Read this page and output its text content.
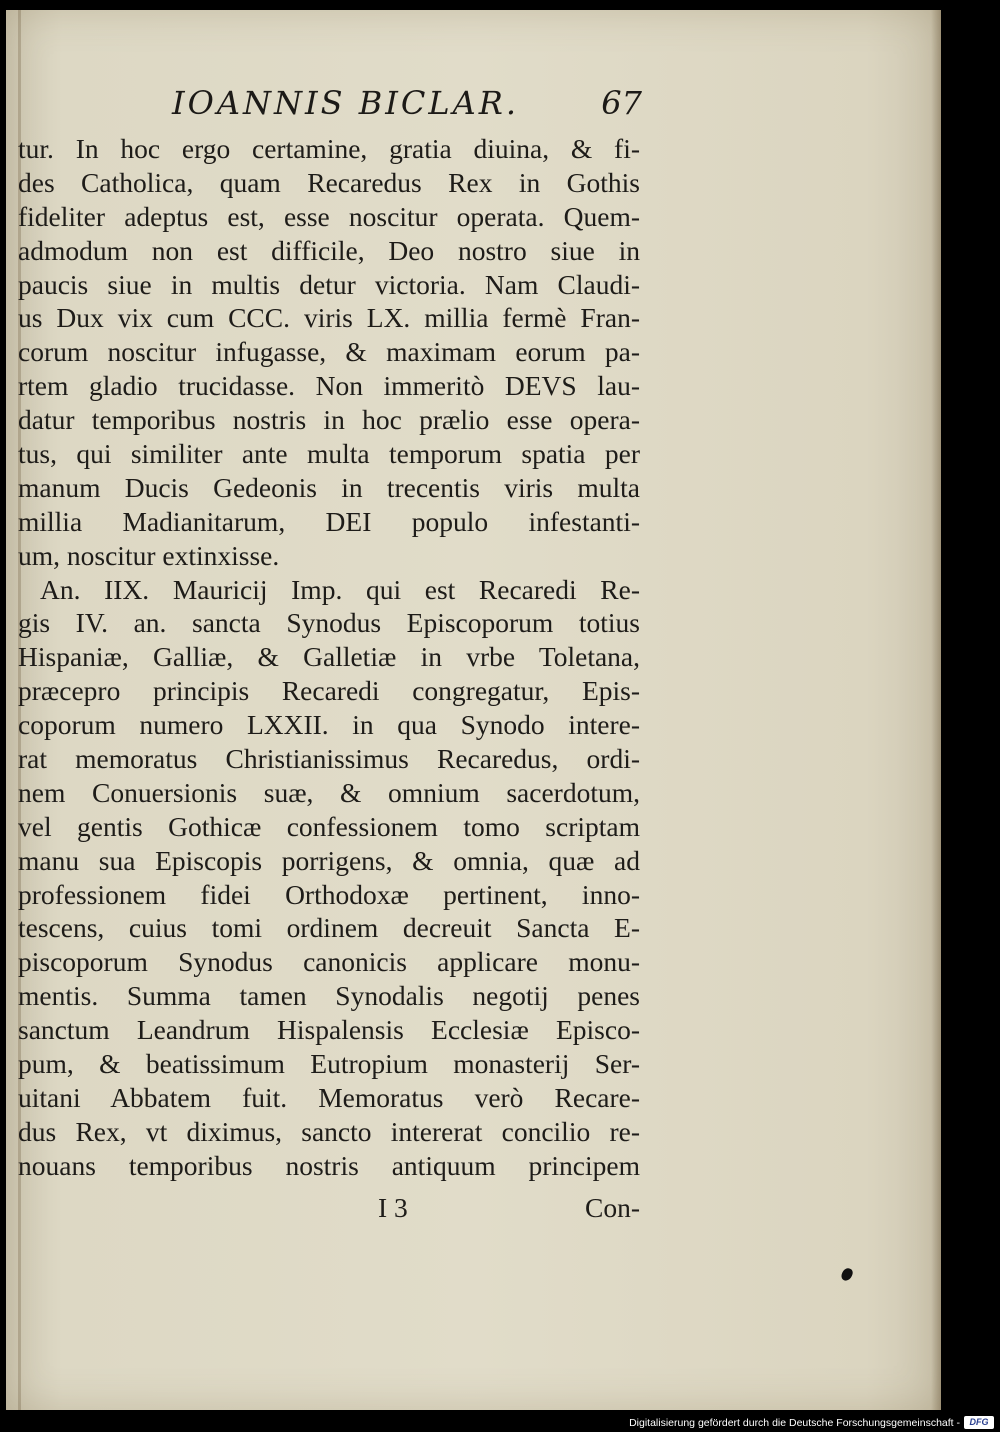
IOANNIS BICLAR.	67
tur. In hoc ergo certamine, gratia diuina, & fi-
des Catholica, quam Recaredus Rex in Gothis
fideliter adeptus est, esse noscitur operata. Quem-
admodum non est difficile, Deo nostro siue in
paucis siue in multis detur victoria. Nam Claudi-
us Dux vix cum CCC. viris LX. millia fermè Fran-
corum noscitur infugasse, & maximam eorum pa-
rtem gladio trucidasse. Non immeritò DEVS lau-
datur temporibus nostris in hoc prælio esse opera-
tus, qui similiter ante multa temporum spatia per
manum Ducis Gedeonis in trecentis viris multa
millia Madianitarum, DEI populo infestanti-
um, noscitur extinxisse.
An. IIX. Mauricij Imp. qui est Recaredi Re-
gis IV. an. sancta Synodus Episcoporum totius
Hispaniæ, Galliæ, & Galletiæ in vrbe Toletana,
præcepro principis Recaredi congregatur, Epis-
coporum numero LXXII. in qua Synodo intere-
rat memoratus Christianissimus Recaredus, ordi-
nem Conuersionis suæ, & omnium sacerdotum,
vel gentis Gothicæ confessionem tomo scriptam
manu sua Episcopis porrigens, & omnia, quæ ad
professionem fidei Orthodoxæ pertinent, inno-
tescens, cuius tomi ordinem decreuit Sancta E-
piscoporum Synodus canonicis applicare monu-
mentis. Summa tamen Synodalis negotij penes
sanctum Leandrum Hispalensis Ecclesiæ Episco-
pum, & beatissimum Eutropium monasterij Ser-
uitani Abbatem fuit. Memoratus verò Recare-
dus Rex, vt diximus, sancto intererat concilio re-
nouans temporibus nostris antiquum principem
I 3	Con-
Digitalisierung gefördert durch die Deutsche Forschungsgemeinschaft -	DFG
